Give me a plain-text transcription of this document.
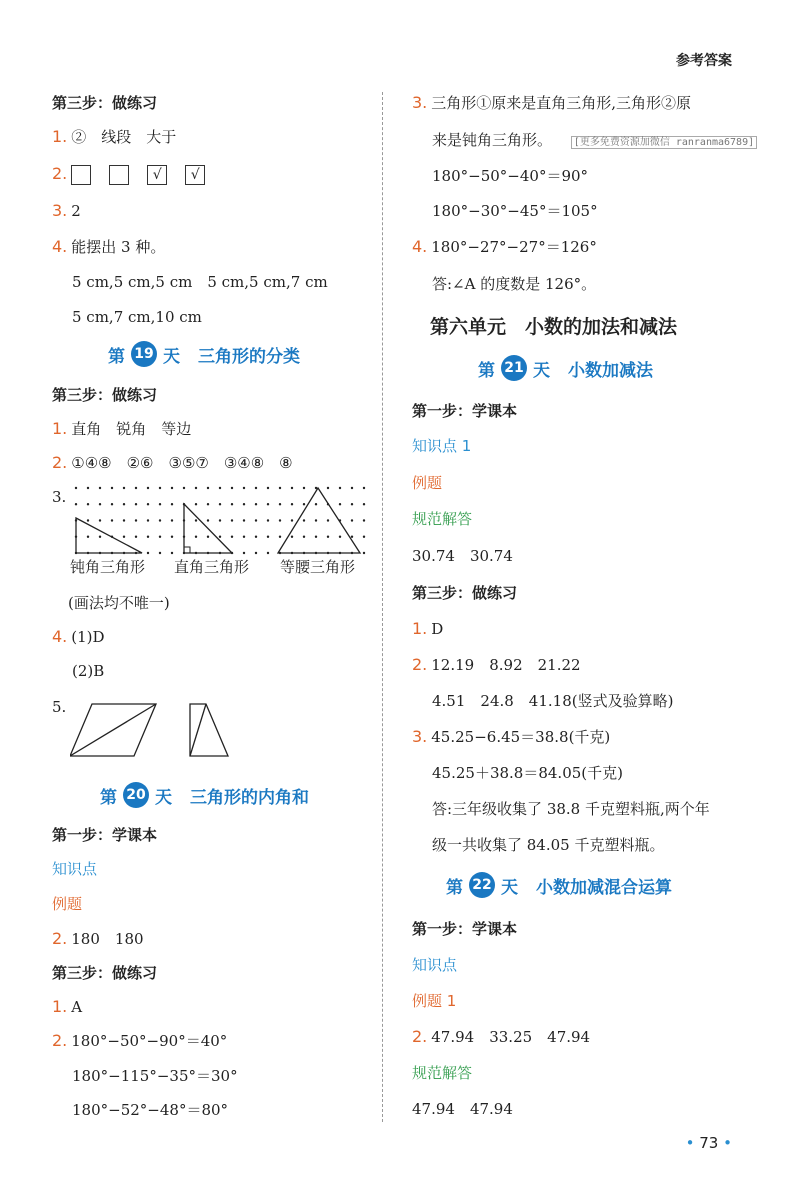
参考答案
第三步：做练习
1. ②　线段　大于
2.	√ √
3. 2
4. 能摆出 3 种。
5 cm,5 cm,5 cm　5 cm,5 cm,7 cm
5 cm,7 cm,10 cm
第 19 天 三角形的分类
第三步：做练习
1. 直角　锐角　等边
2. ①④⑧　②⑥　③⑤⑦　③④⑧　⑧
3.
钝角三角形 直角三角形 等腰三角形
(画法均不唯一)
4. (1)D
(2)B
5.
第 20 天 三角形的内角和
第一步：学课本
知识点
例题
2. 180　180
第三步：做练习
1. A
2. 180°−50°−90°＝40°
180°−115°−35°＝30°
180°−52°−48°＝80°
3. 三角形①原来是直角三角形,三角形②原
来是钝角三角形。 [更多免费资源加微信 ranranma6789]
180°−50°−40°＝90°
180°−30°−45°＝105°
4. 180°−27°−27°＝126°
答:∠A 的度数是 126°。
第六单元　小数的加法和减法
第 21 天 小数加减法
第一步：学课本
知识点 1
例题
规范解答
30.74　30.74
第三步：做练习
1. D
2. 12.19　8.92　21.22
4.51　24.8　41.18(竖式及验算略)
3. 45.25−6.45＝38.8(千克)
45.25＋38.8＝84.05(千克)
答:三年级收集了 38.8 千克塑料瓶,两个年
级一共收集了 84.05 千克塑料瓶。
第 22 天 小数加减混合运算
第一步：学课本
知识点
例题 1
2. 47.94　33.25　47.94
规范解答
47.94　47.94
• 73 •
